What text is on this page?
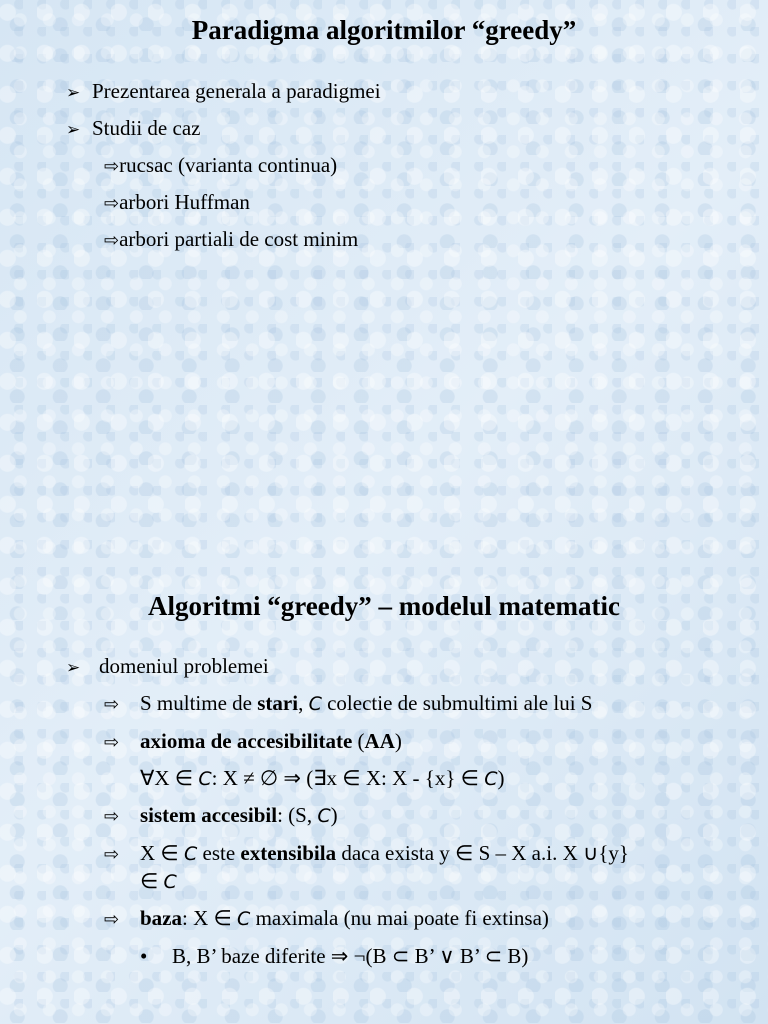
Paradigma algoritmilor “greedy”
➢ Prezentarea generala a paradigmei
➢ Studii de caz
⇨rucsac (varianta continua)
⇨arbori Huffman
⇨arbori partiali de cost minim
Algoritmi “greedy” – modelul matematic
➢ domeniul problemei
⇨ S multime de stari, C colectie de submultimi ale lui S
⇨ axioma de accesibilitate (AA)
∀X ∈ C: X ≠ ∅ ⇒ (∃x ∈ X: X - {x} ∈ C)
⇨ sistem accesibil: (S, C)
⇨ X ∈ C este extensibila daca exista y ∈ S – X a.i. X ∪{y}
∈ C
⇨ baza: X ∈ C maximala (nu mai poate fi extinsa)
• B, B’ baze diferite ⇒ ¬(B ⊂ B’ ∨ B’ ⊂ B)
